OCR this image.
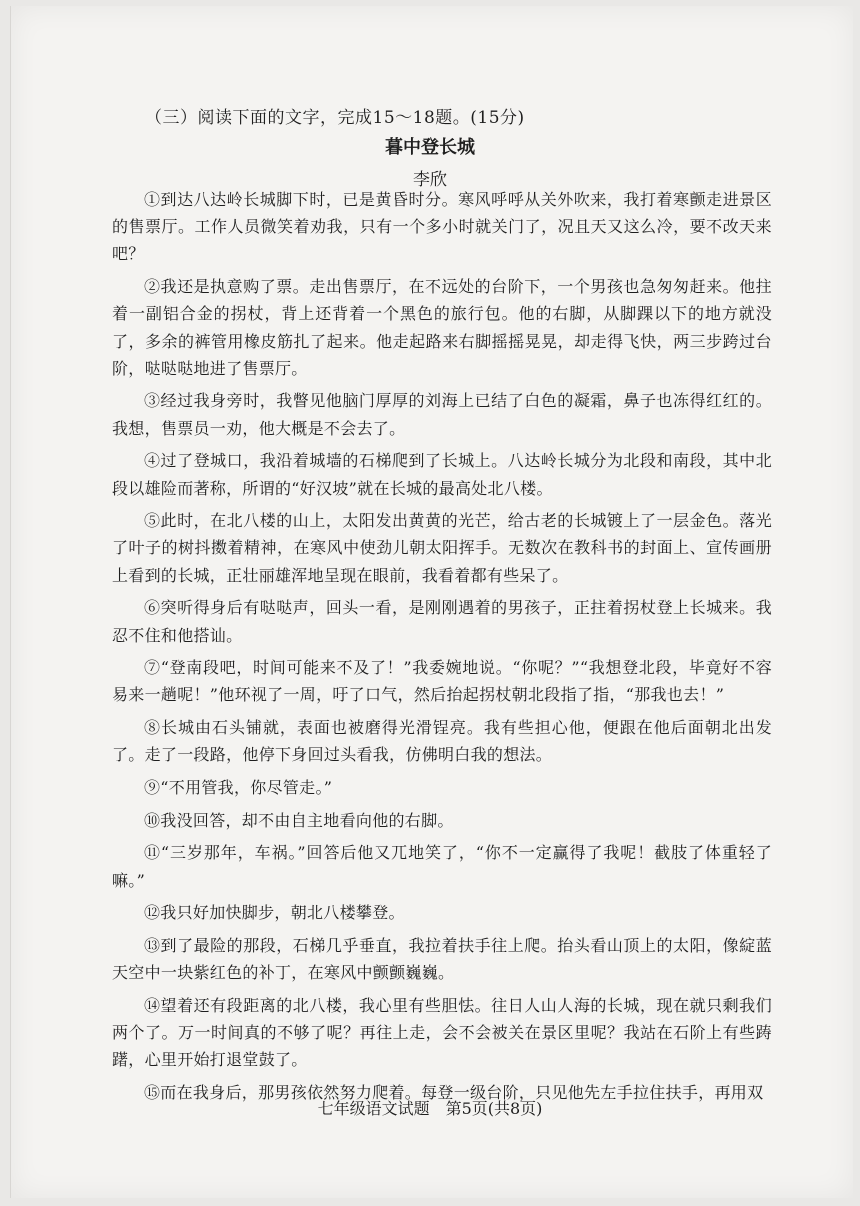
（三）阅读下面的文字，完成15～18题。(15分)
暮中登长城
李欣

①到达八达岭长城脚下时，已是黄昏时分。寒风呼呼从关外吹来，我打着寒颤走进景区的售票厅。工作人员微笑着劝我，只有一个多小时就关门了，况且天又这么冷，要不改天来吧？

②我还是执意购了票。走出售票厅，在不远处的台阶下，一个男孩也急匆匆赶来。他拄着一副铝合金的拐杖，背上还背着一个黑色的旅行包。他的右脚，从脚踝以下的地方就没了，多余的裤管用橡皮筋扎了起来。他走起路来右脚摇摇晃晃，却走得飞快，两三步跨过台阶，哒哒哒地进了售票厅。

③经过我身旁时，我瞥见他脑门厚厚的刘海上已结了白色的凝霜，鼻子也冻得红红的。我想，售票员一劝，他大概是不会去了。

④过了登城口，我沿着城墙的石梯爬到了长城上。八达岭长城分为北段和南段，其中北段以雄险而著称，所谓的“好汉坡”就在长城的最高处北八楼。

⑤此时，在北八楼的山上，太阳发出黄黄的光芒，给古老的长城镀上了一层金色。落光了叶子的树抖擞着精神，在寒风中使劲儿朝太阳挥手。无数次在教科书的封面上、宣传画册上看到的长城，正壮丽雄浑地呈现在眼前，我看着都有些呆了。

⑥突听得身后有哒哒声，回头一看，是刚刚遇着的男孩子，正拄着拐杖登上长城来。我忍不住和他搭讪。

⑦“登南段吧，时间可能来不及了！”我委婉地说。“你呢？”“我想登北段，毕竟好不容易来一趟呢！”他环视了一周，吁了口气，然后抬起拐杖朝北段指了指，“那我也去！”

⑧长城由石头铺就，表面也被磨得光滑锃亮。我有些担心他，便跟在他后面朝北出发了。走了一段路，他停下身回过头看我，仿佛明白我的想法。

⑨“不用管我，你尽管走。”

⑩我没回答，却不由自主地看向他的右脚。

⑪“三岁那年，车祸。”回答后他又兀地笑了，“你不一定赢得了我呢！截肢了体重轻了嘛。”

⑫我只好加快脚步，朝北八楼攀登。

⑬到了最险的那段，石梯几乎垂直，我拉着扶手往上爬。抬头看山顶上的太阳，像綻蓝天空中一块紫红色的补丁，在寒风中颤颤巍巍。

⑭望着还有段距离的北八楼，我心里有些胆怯。往日人山人海的长城，现在就只剩我们两个了。万一时间真的不够了呢？再往上走，会不会被关在景区里呢？我站在石阶上有些踌躇，心里开始打退堂鼓了。

⑮而在我身后，那男孩依然努力爬着。每登一级台阶，只见他先左手拉住扶手，再用双

七年级语文试题　第5页(共8页)
